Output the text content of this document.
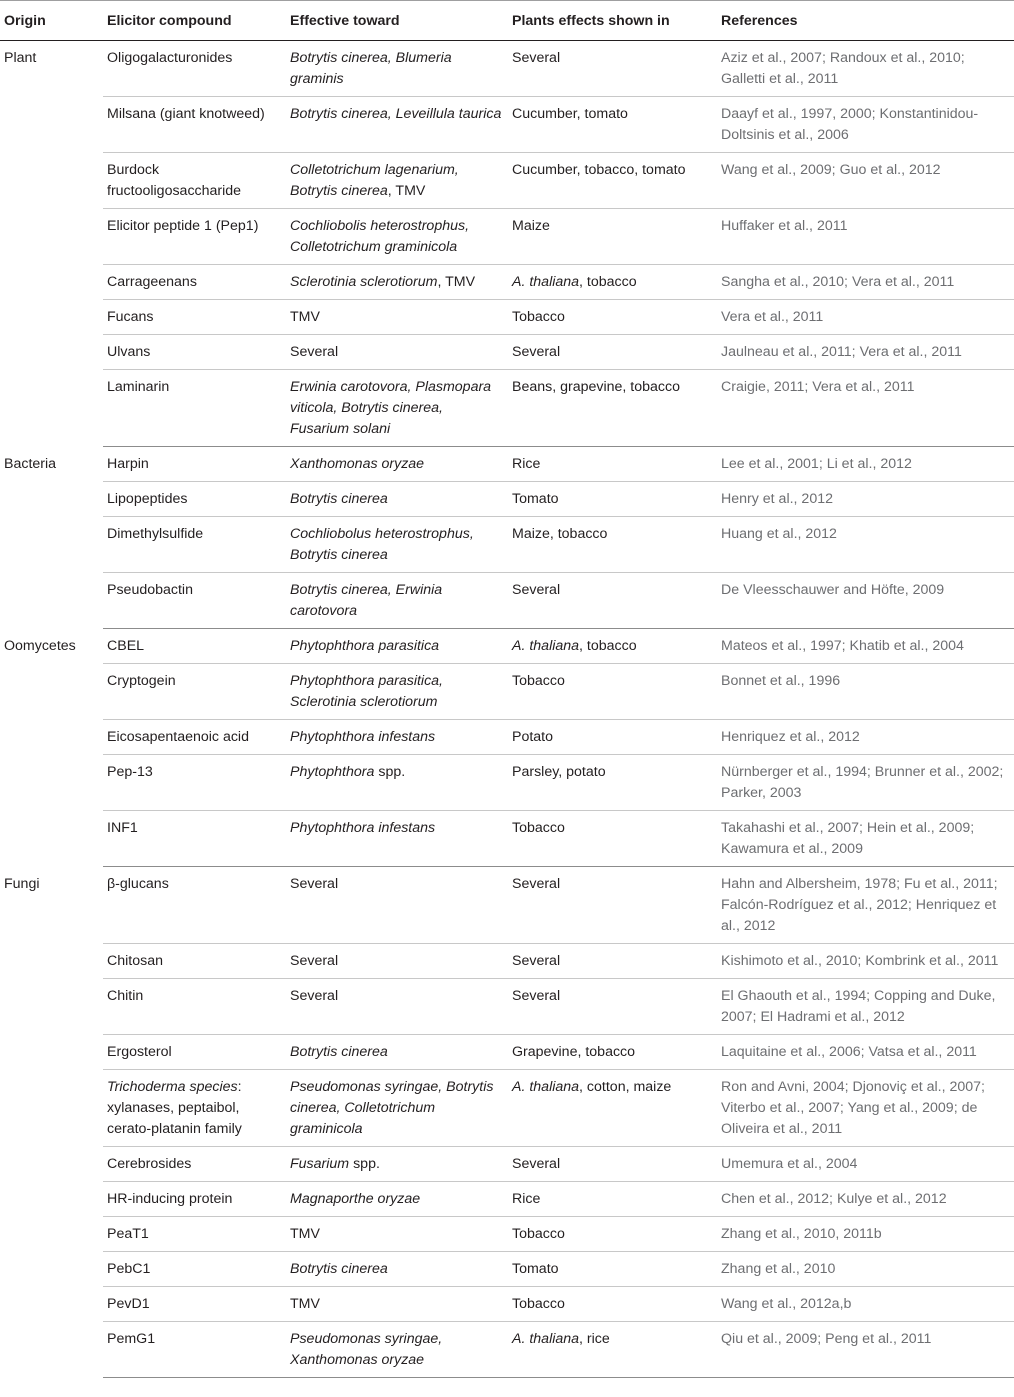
Origin	Elicitor compound	Effective toward	Plants effects shown in	References
Plant	Oligogalacturonides	Botrytis cinerea, Blumeria graminis	Several	Aziz et al., 2007; Randoux et al., 2010; Galletti et al., 2011
	Milsana (giant knotweed)	Botrytis cinerea, Leveillula taurica	Cucumber, tomato	Daayf et al., 1997, 2000; Konstantinidou-Doltsinis et al., 2006
	Burdock fructooligosaccharide	Colletotrichum lagenarium, Botrytis cinerea, TMV	Cucumber, tobacco, tomato	Wang et al., 2009; Guo et al., 2012
	Elicitor peptide 1 (Pep1)	Cochliobolis heterostrophus, Colletotrichum graminicola	Maize	Huffaker et al., 2011
	Carrageenans	Sclerotinia sclerotiorum, TMV	A. thaliana, tobacco	Sangha et al., 2010; Vera et al., 2011
	Fucans	TMV	Tobacco	Vera et al., 2011
	Ulvans	Several	Several	Jaulneau et al., 2011; Vera et al., 2011
	Laminarin	Erwinia carotovora, Plasmopara viticola, Botrytis cinerea, Fusarium solani	Beans, grapevine, tobacco	Craigie, 2011; Vera et al., 2011
Bacteria	Harpin	Xanthomonas oryzae	Rice	Lee et al., 2001; Li et al., 2012
	Lipopeptides	Botrytis cinerea	Tomato	Henry et al., 2012
	Dimethylsulfide	Cochliobolus heterostrophus, Botrytis cinerea	Maize, tobacco	Huang et al., 2012
	Pseudobactin	Botrytis cinerea, Erwinia carotovora	Several	De Vleesschauwer and Höfte, 2009
Oomycetes	CBEL	Phytophthora parasitica	A. thaliana, tobacco	Mateos et al., 1997; Khatib et al., 2004
	Cryptogein	Phytophthora parasitica, Sclerotinia sclerotiorum	Tobacco	Bonnet et al., 1996
	Eicosapentaenoic acid	Phytophthora infestans	Potato	Henriquez et al., 2012
	Pep-13	Phytophthora spp.	Parsley, potato	Nürnberger et al., 1994; Brunner et al., 2002; Parker, 2003
	INF1	Phytophthora infestans	Tobacco	Takahashi et al., 2007; Hein et al., 2009; Kawamura et al., 2009
Fungi	β-glucans	Several	Several	Hahn and Albersheim, 1978; Fu et al., 2011; Falcón-Rodríguez et al., 2012; Henriquez et al., 2012
	Chitosan	Several	Several	Kishimoto et al., 2010; Kombrink et al., 2011
	Chitin	Several	Several	El Ghaouth et al., 1994; Copping and Duke, 2007; El Hadrami et al., 2012
	Ergosterol	Botrytis cinerea	Grapevine, tobacco	Laquitaine et al., 2006; Vatsa et al., 2011
	Trichoderma species: xylanases, peptaibol, cerato-platanin family	Pseudomonas syringae, Botrytis cinerea, Colletotrichum graminicola	A. thaliana, cotton, maize	Ron and Avni, 2004; Djonoviç et al., 2007; Viterbo et al., 2007; Yang et al., 2009; de Oliveira et al., 2011
	Cerebrosides	Fusarium spp.	Several	Umemura et al., 2004
	HR-inducing protein	Magnaporthe oryzae	Rice	Chen et al., 2012; Kulye et al., 2012
	PeaT1	TMV	Tobacco	Zhang et al., 2010, 2011b
	PebC1	Botrytis cinerea	Tomato	Zhang et al., 2010
	PevD1	TMV	Tobacco	Wang et al., 2012a,b
	PemG1	Pseudomonas syringae, Xanthomonas oryzae	A. thaliana, rice	Qiu et al., 2009; Peng et al., 2011
